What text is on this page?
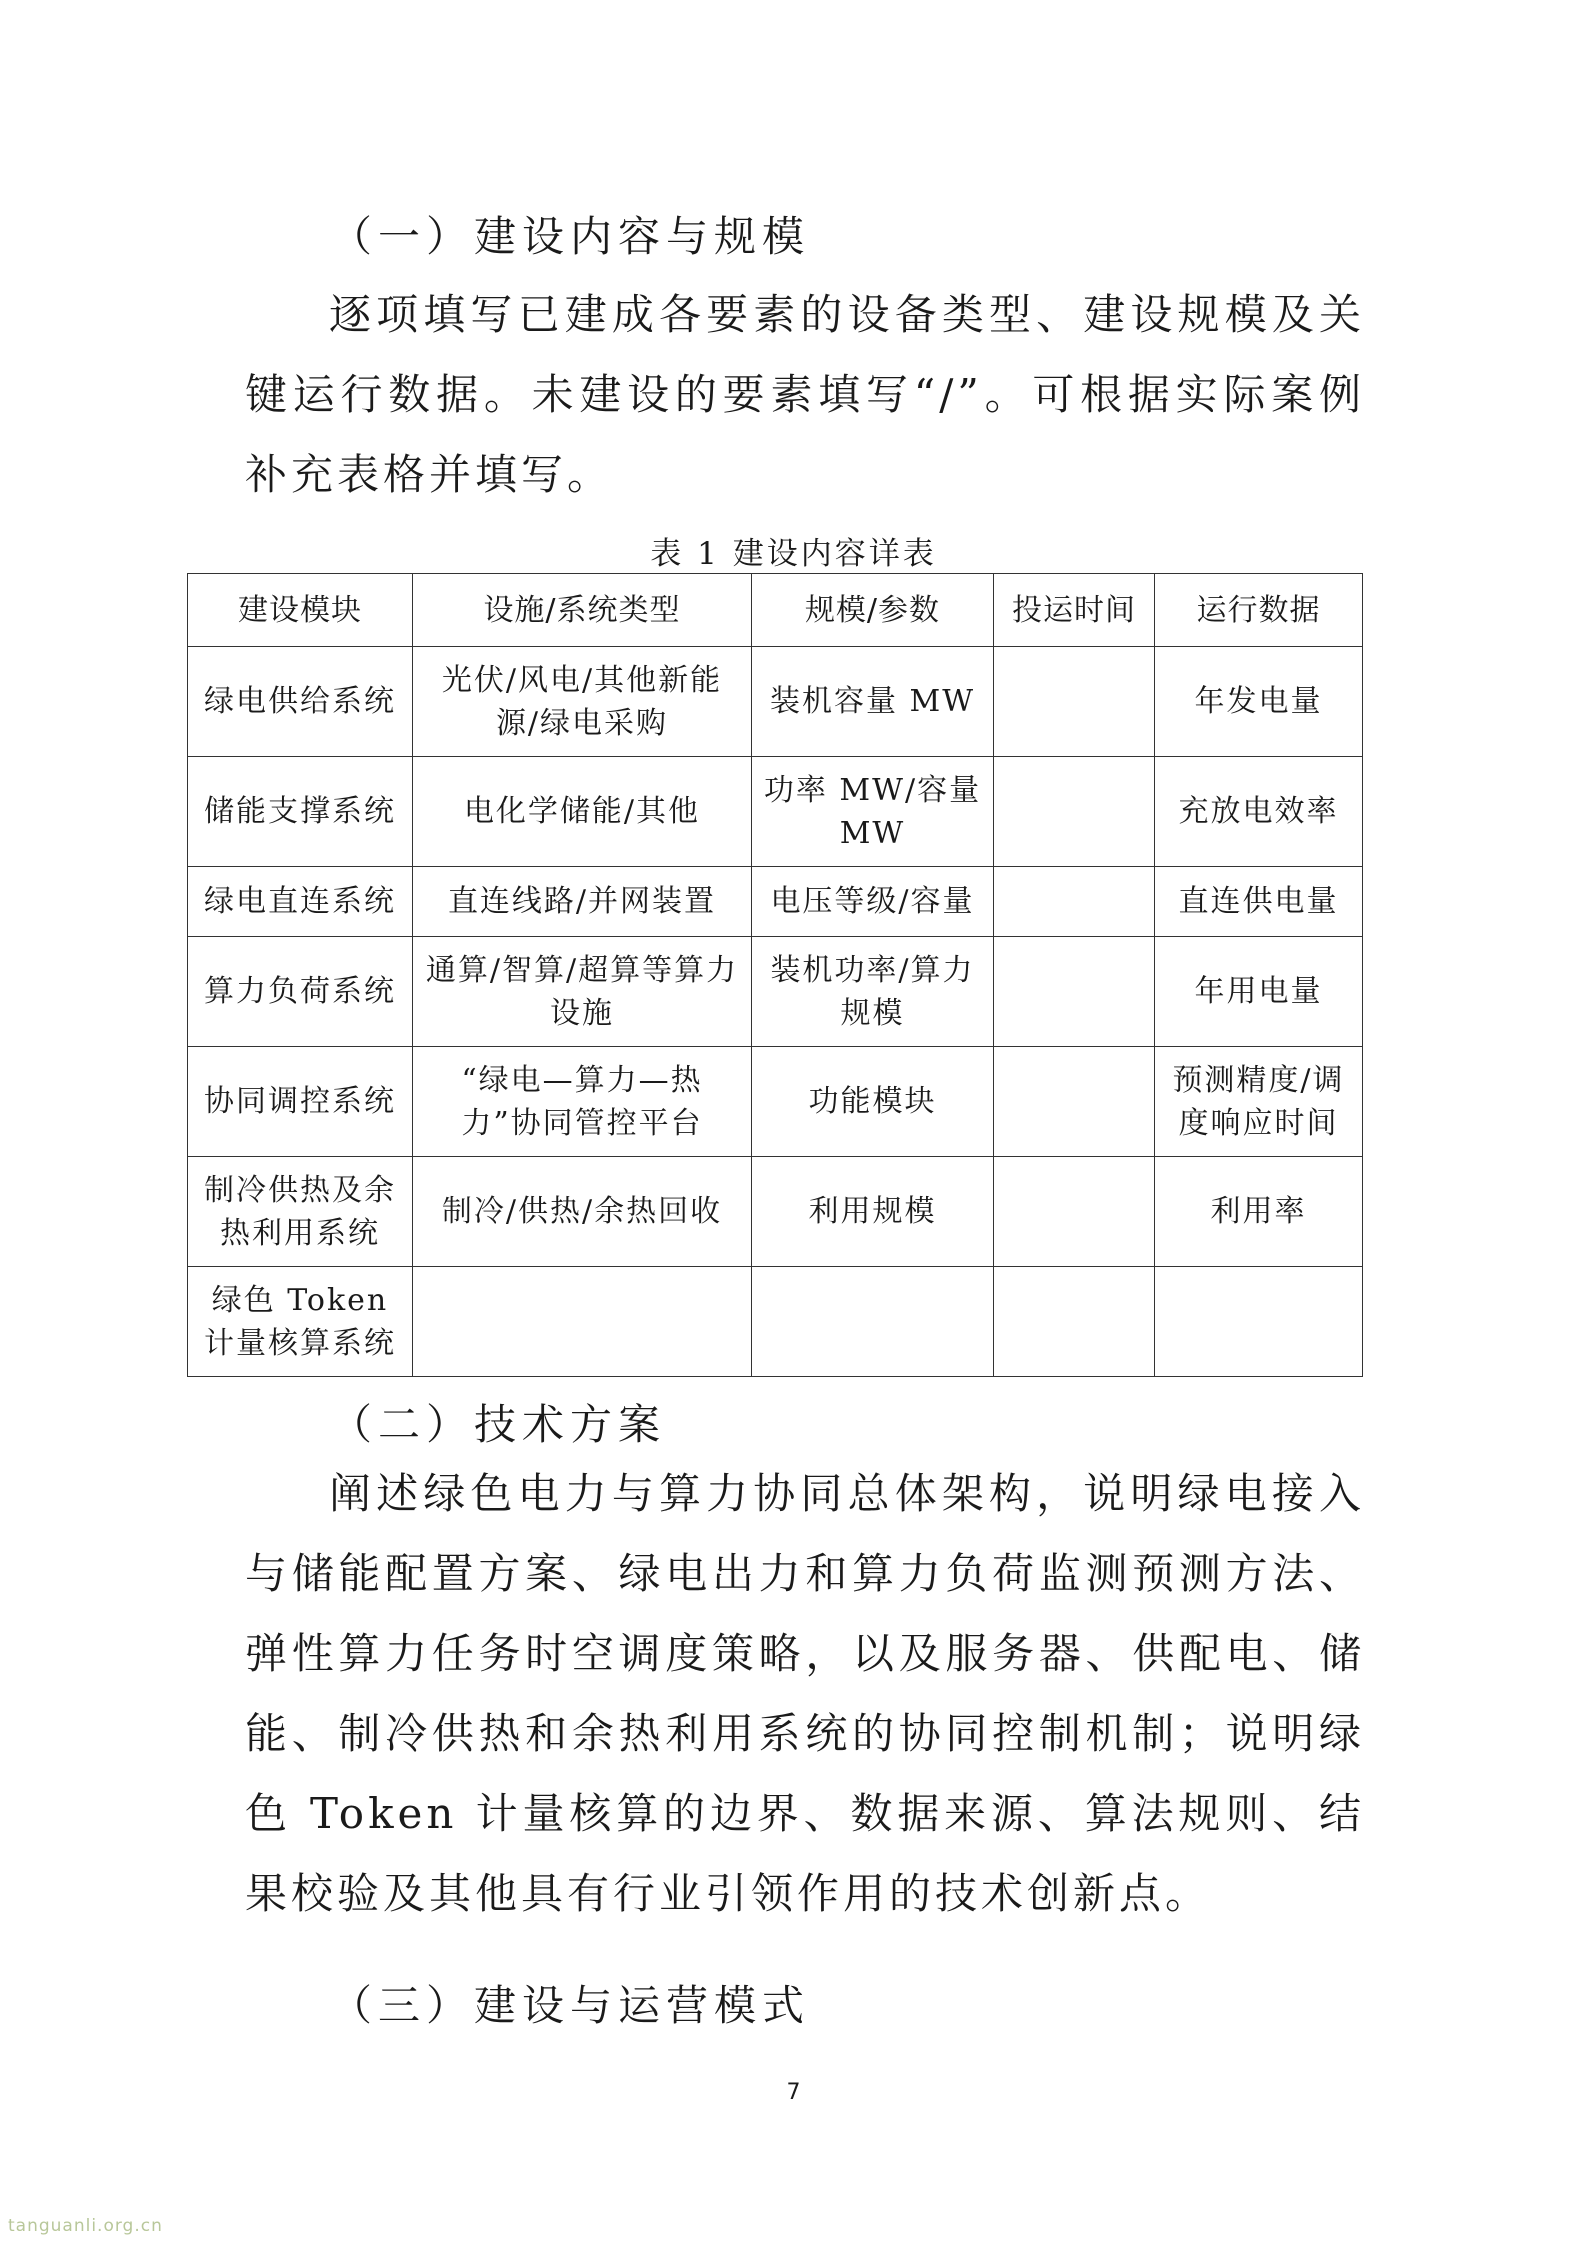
（一）建设内容与规模

逐项填写已建成各要素的设备类型、建设规模及关键运行数据。未建设的要素填写“/”。可根据实际案例补充表格并填写。

表 1 建设内容详表
建设模块	设施/系统类型	规模/参数	投运时间	运行数据
绿电供给系统	光伏/风电/其他新能源/绿电采购	装机容量 MW		年发电量
储能支撑系统	电化学储能/其他	功率 MW/容量 MW		充放电效率
绿电直连系统	直连线路/并网装置	电压等级/容量		直连供电量
算力负荷系统	通算/智算/超算等算力设施	装机功率/算力规模		年用电量
协同调控系统	“绿电—算力—热力”协同管控平台	功能模块		预测精度/调度响应时间
制冷供热及余热利用系统	制冷/供热/余热回收	利用规模		利用率
绿色 Token 计量核算系统				
（二）技术方案

阐述绿色电力与算力协同总体架构，说明绿电接入与储能配置方案、绿电出力和算力负荷监测预测方法、弹性算力任务时空调度策略，以及服务器、供配电、储能、制冷供热和余热利用系统的协同控制机制；说明绿色 Token 计量核算的边界、数据来源、算法规则、结果校验及其他具有行业引领作用的技术创新点。

（三）建设与运营模式
7
tanguanli.org.cn
